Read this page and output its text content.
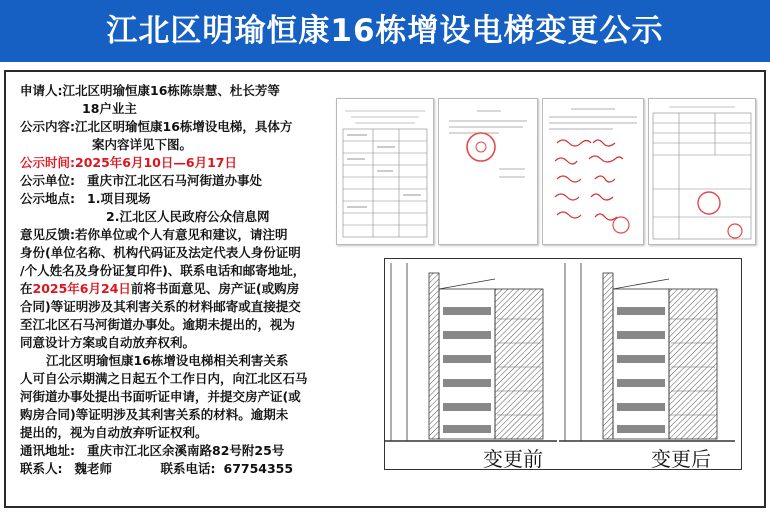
江北区明瑜恒康16栋增设电梯变更公示
申请人: 江北区明瑜恒康16栋陈崇慧、杜长芳等
18户业主
公示内容: 江北区明瑜恒康16栋增设电梯，具体方
案内容详见下图。
公示时间: 2025年6月10日—6月17日
公示单位: 重庆市江北区石马河街道办事处
公示地点: 1.项目现场
2.江北区人民政府公众信息网
意见反馈: 若你单位或个人有意见和建议，请注明
身份(单位名称、机构代码证及法定代表人身份证明
/个人姓名及身份证复印件)、联系电话和邮寄地址，
在2025年6月24日前将书面意见、房产证(或购房
合同)等证明涉及其利害关系的材料邮寄或直接提交
至江北区石马河街道办事处。逾期未提出的，视为
同意设计方案或自动放弃权利。
江北区明瑜恒康16栋增设电梯相关利害关系
人可自公示期满之日起五个工作日内，向江北区石马
河街道办事处提出书面听证申请，并提交房产证(或
购房合同)等证明涉及其利害关系的材料。逾期未
提出的，视为自动放弃听证权利。
通讯地址: 重庆市江北区余溪南路82号附25号
联系人: 魏老师	联系电话: 67754355	变更前	变更后
